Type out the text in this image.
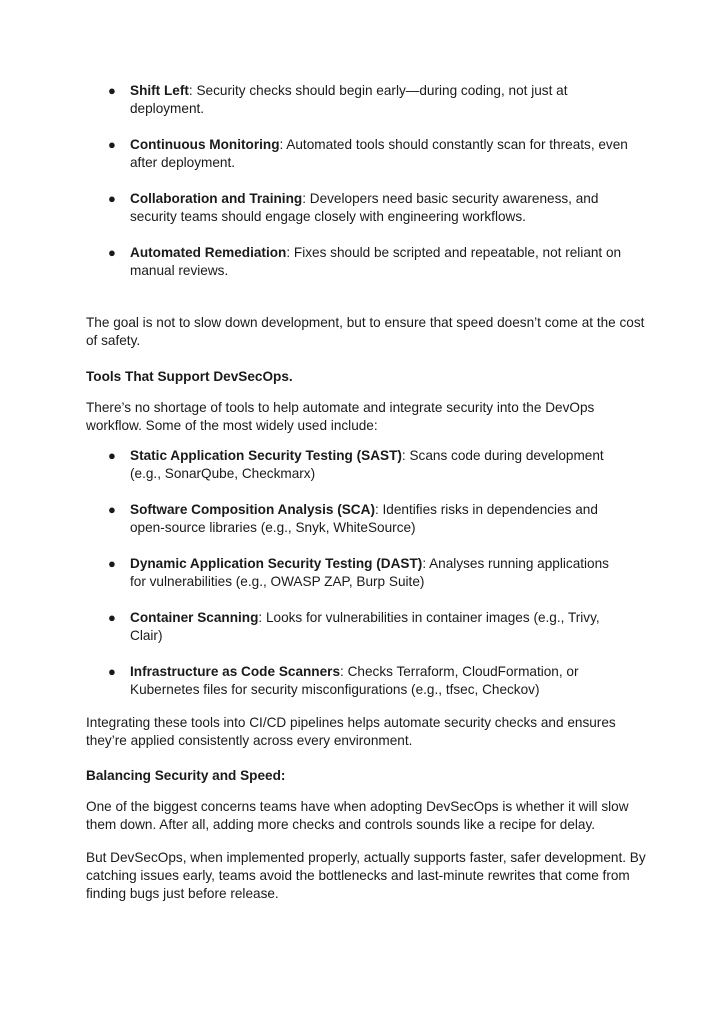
● Shift Left: Security checks should begin early—during coding, not just at deployment.
● Continuous Monitoring: Automated tools should constantly scan for threats, even after deployment.
● Collaboration and Training: Developers need basic security awareness, and security teams should engage closely with engineering workflows.
● Automated Remediation: Fixes should be scripted and repeatable, not reliant on manual reviews.

The goal is not to slow down development, but to ensure that speed doesn’t come at the cost of safety.

Tools That Support DevSecOps.

There’s no shortage of tools to help automate and integrate security into the DevOps workflow. Some of the most widely used include:

● Static Application Security Testing (SAST): Scans code during development (e.g., SonarQube, Checkmarx)
● Software Composition Analysis (SCA): Identifies risks in dependencies and open-source libraries (e.g., Snyk, WhiteSource)
● Dynamic Application Security Testing (DAST): Analyses running applications for vulnerabilities (e.g., OWASP ZAP, Burp Suite)
● Container Scanning: Looks for vulnerabilities in container images (e.g., Trivy, Clair)
● Infrastructure as Code Scanners: Checks Terraform, CloudFormation, or Kubernetes files for security misconfigurations (e.g., tfsec, Checkov)

Integrating these tools into CI/CD pipelines helps automate security checks and ensures they’re applied consistently across every environment.

Balancing Security and Speed:

One of the biggest concerns teams have when adopting DevSecOps is whether it will slow them down. After all, adding more checks and controls sounds like a recipe for delay.

But DevSecOps, when implemented properly, actually supports faster, safer development. By catching issues early, teams avoid the bottlenecks and last-minute rewrites that come from finding bugs just before release.
